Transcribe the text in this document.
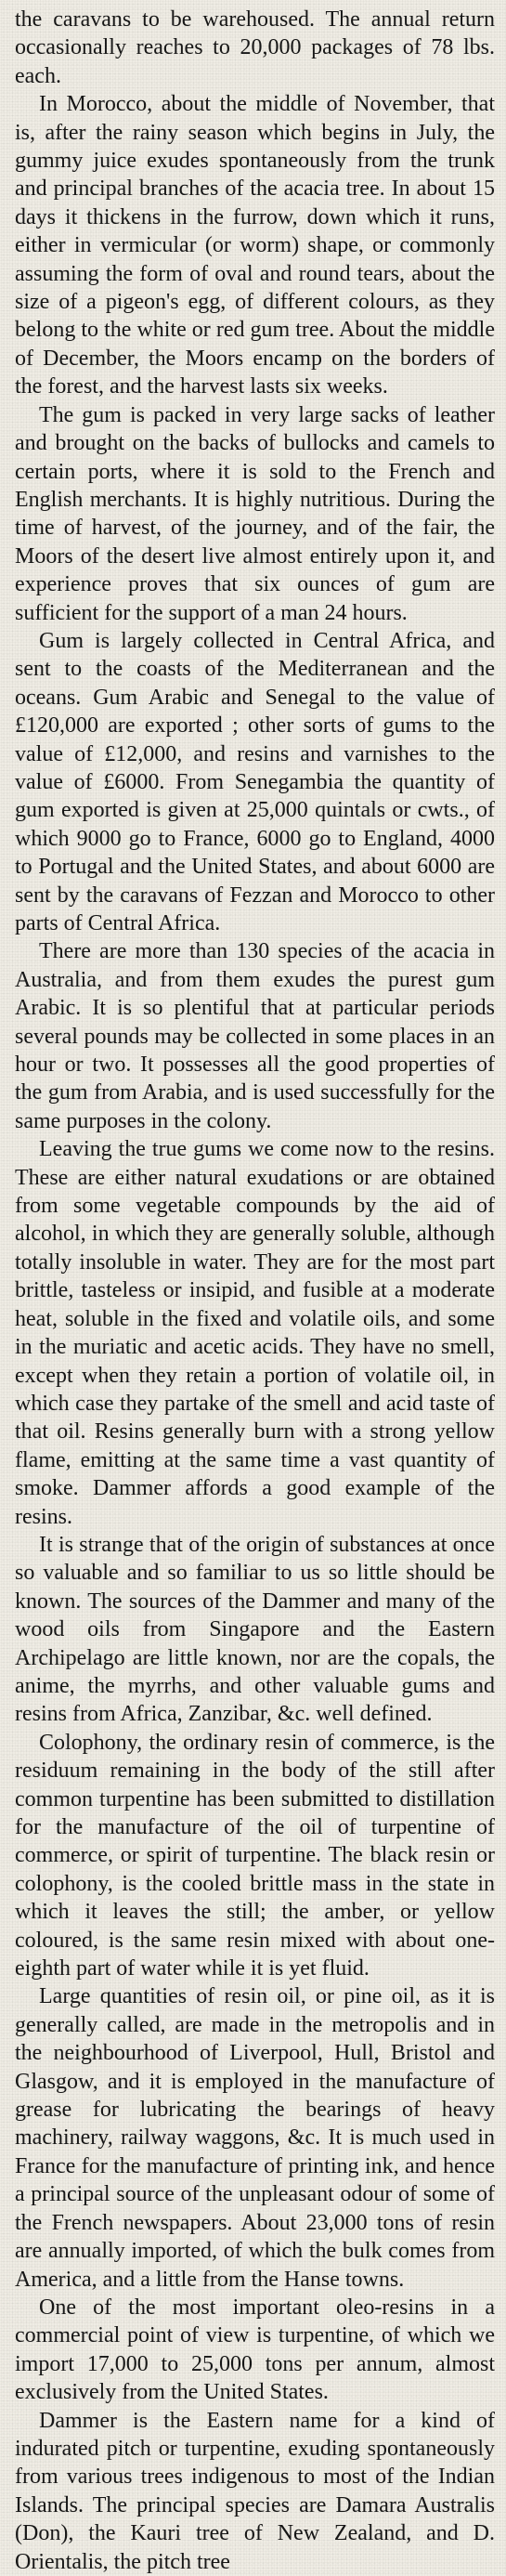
the caravans to be warehoused. The annual return occasionally reaches to 20,000 packages of 78 lbs. each.

In Morocco, about the middle of November, that is, after the rainy season which begins in July, the gummy juice exudes spontaneously from the trunk and principal branches of the acacia tree. In about 15 days it thickens in the furrow, down which it runs, either in vermicular (or worm) shape, or commonly assuming the form of oval and round tears, about the size of a pigeon's egg, of different colours, as they belong to the white or red gum tree. About the middle of December, the Moors encamp on the borders of the forest, and the harvest lasts six weeks.

The gum is packed in very large sacks of leather and brought on the backs of bullocks and camels to certain ports, where it is sold to the French and English merchants. It is highly nutritious. During the time of harvest, of the journey, and of the fair, the Moors of the desert live almost entirely upon it, and experience proves that six ounces of gum are sufficient for the support of a man 24 hours.

Gum is largely collected in Central Africa, and sent to the coasts of the Mediterranean and the oceans. Gum Arabic and Senegal to the value of £120,000 are exported ; other sorts of gums to the value of £12,000, and resins and varnishes to the value of £6000. From Senegambia the quantity of gum exported is given at 25,000 quintals or cwts., of which 9000 go to France, 6000 go to England, 4000 to Portugal and the United States, and about 6000 are sent by the caravans of Fezzan and Morocco to other parts of Central Africa.

There are more than 130 species of the acacia in Australia, and from them exudes the purest gum Arabic. It is so plentiful that at particular periods several pounds may be collected in some places in an hour or two. It possesses all the good properties of the gum from Arabia, and is used successfully for the same purposes in the colony.

Leaving the true gums we come now to the resins. These are either natural exudations or are obtained from some vegetable compounds by the aid of alcohol, in which they are generally soluble, although totally insoluble in water. They are for the most part brittle, tasteless or insipid, and fusible at a moderate heat, soluble in the fixed and volatile oils, and some in the muriatic and acetic acids. They have no smell, except when they retain a portion of volatile oil, in which case they partake of the smell and acid taste of that oil. Resins generally burn with a strong yellow flame, emitting at the same time a vast quantity of smoke. Dammer affords a good example of the resins.

It is strange that of the origin of substances at once so valuable and so familiar to us so little should be known. The sources of the Dammer and many of the wood oils from Singapore and the Eastern Archipelago are little known, nor are the copals, the anime, the myrrhs, and other valuable gums and resins from Africa, Zanzibar, &c. well defined.

Colophony, the ordinary resin of commerce, is the residuum remaining in the body of the still after common turpentine has been submitted to distillation for the manufacture of the oil of turpentine of commerce, or spirit of turpentine. The black resin or colophony, is the cooled brittle mass in the state in which it leaves the still; the amber, or yellow coloured, is the same resin mixed with about one-eighth part of water while it is yet fluid.

Large quantities of resin oil, or pine oil, as it is generally called, are made in the metropolis and in the neighbourhood of Liverpool, Hull, Bristol and Glasgow, and it is employed in the manufacture of grease for lubricating the bearings of heavy machinery, railway waggons, &c. It is much used in France for the manufacture of printing ink, and hence a principal source of the unpleasant odour of some of the French newspapers. About 23,000 tons of resin are annually imported, of which the bulk comes from America, and a little from the Hanse towns.

One of the most important oleo-resins in a commercial point of view is turpentine, of which we import 17,000 to 25,000 tons per annum, almost exclusively from the United States.

Dammer is the Eastern name for a kind of indurated pitch or turpentine, exuding spontaneously from various trees indigenous to most of the Indian Islands. The principal species are Damara Australis (Don), the Kauri tree of New Zealand, and D. Orientalis, the pitch tree
